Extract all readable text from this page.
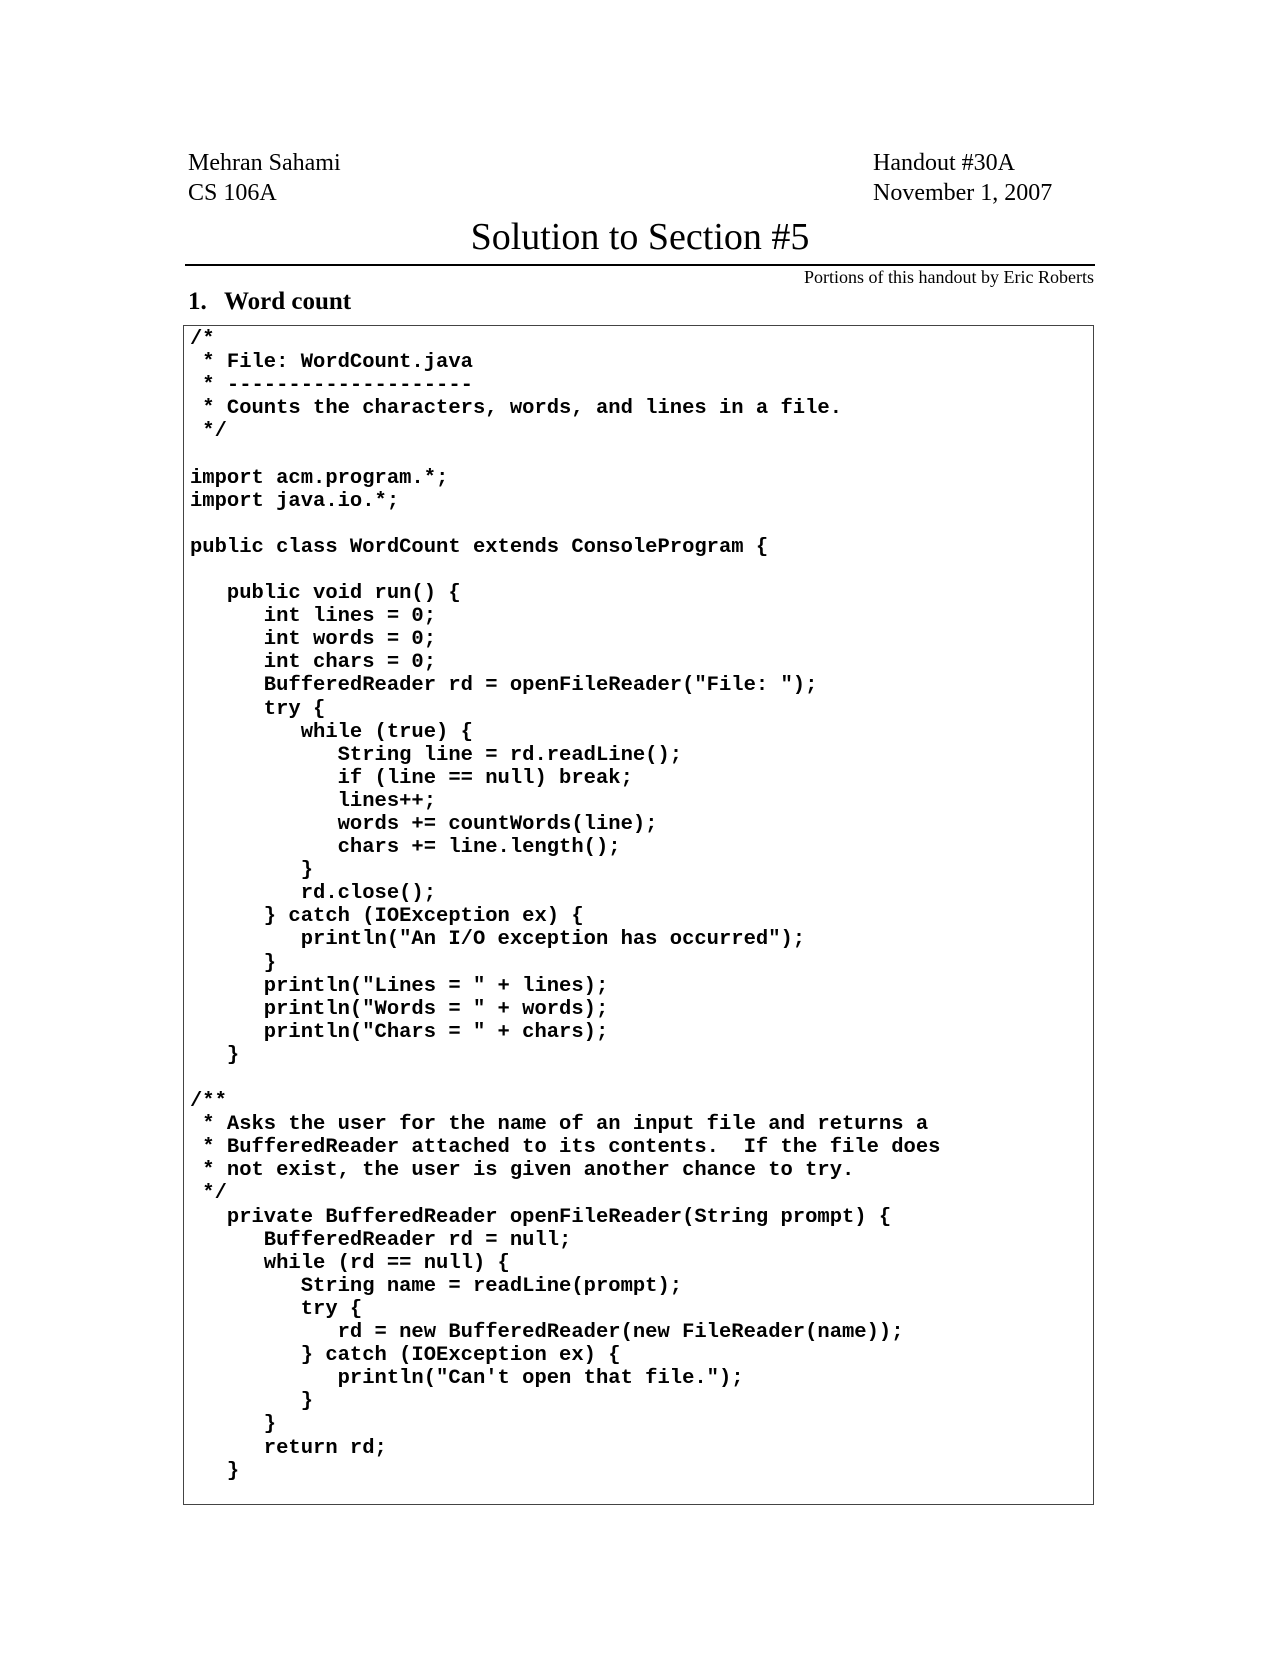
Mehran Sahami
CS 106A
Handout #30A
November 1, 2007
Solution to Section #5
Portions of this handout by Eric Roberts
1. Word count
/*
* File: WordCount.java
* --------------------
* Counts the characters, words, and lines in a file.
*/

import acm.program.*;
import java.io.*;

public class WordCount extends ConsoleProgram {

public void run() {
int lines = 0;
int words = 0;
int chars = 0;
BufferedReader rd = openFileReader("File: ");
try {
while (true) {
String line = rd.readLine();
if (line == null) break;
lines++;
words += countWords(line);
chars += line.length();
}
rd.close();
} catch (IOException ex) {
println("An I/O exception has occurred");
}
println("Lines = " + lines);
println("Words = " + words);
println("Chars = " + chars);
}

/**
* Asks the user for the name of an input file and returns a
* BufferedReader attached to its contents.  If the file does
* not exist, the user is given another chance to try.
*/
private BufferedReader openFileReader(String prompt) {
BufferedReader rd = null;
while (rd == null) {
String name = readLine(prompt);
try {
rd = new BufferedReader(new FileReader(name));
} catch (IOException ex) {
println("Can't open that file.");
}
}
return rd;
}
